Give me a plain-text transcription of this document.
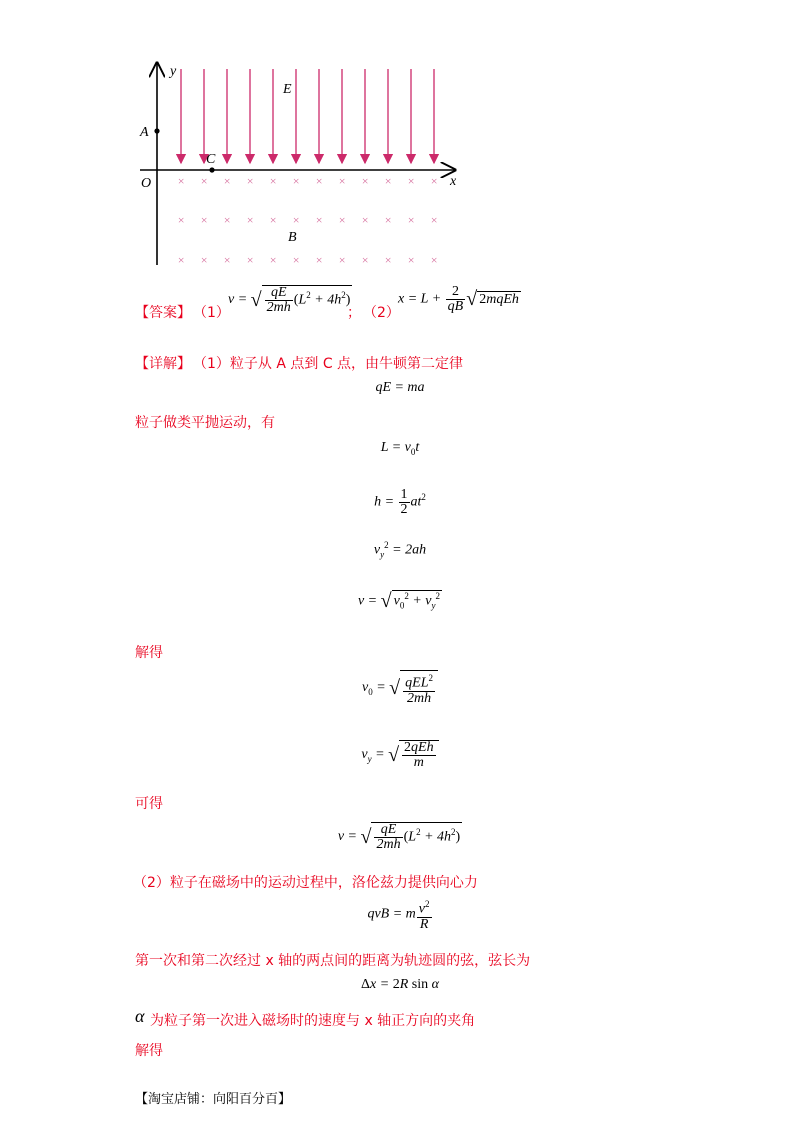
× × × × × × × × × × × ×
× × × × × × × × × × × ×
× × × × × × × × × × × ×
y
x
O
A
C
E
B
【答案】 （1）
v = √ $\frac{qE}{2mh} (L^2 + 4h^2)$
； （2）
$x = L + \frac{2}{qB}$ √ 2mqEh
【详解】 （1）粒子从 A 点到 C 点，由牛顿第二定律
qE = ma
粒子做类平抛运动，有
$L = v_0t$
$h = \frac{1}{2} at^2$
$v_y^2 = 2ah$
v = √ $v_0^2 + v_y^2$
解得
$v_0$ = √ $\frac{qEL^2}{2mh}$
$v_y$ = √ $\frac{\text{2qEh}}{m}$
可得
v = √ $\frac{qE}{2mh} (L^2 + 4h^2)$
（2）粒子在磁场中的运动过程中，洛伦兹力提供向心力
qvB = m $\frac{v^2}{R}$
第一次和第二次经过 x 轴的两点间的距离为轨迹圆的弦，弦长为
Δx = 2R sin α
α 为粒子第一次进入磁场时的速度与 x 轴正方向的夹角
解得
【淘宝店铺：向阳百分百】
